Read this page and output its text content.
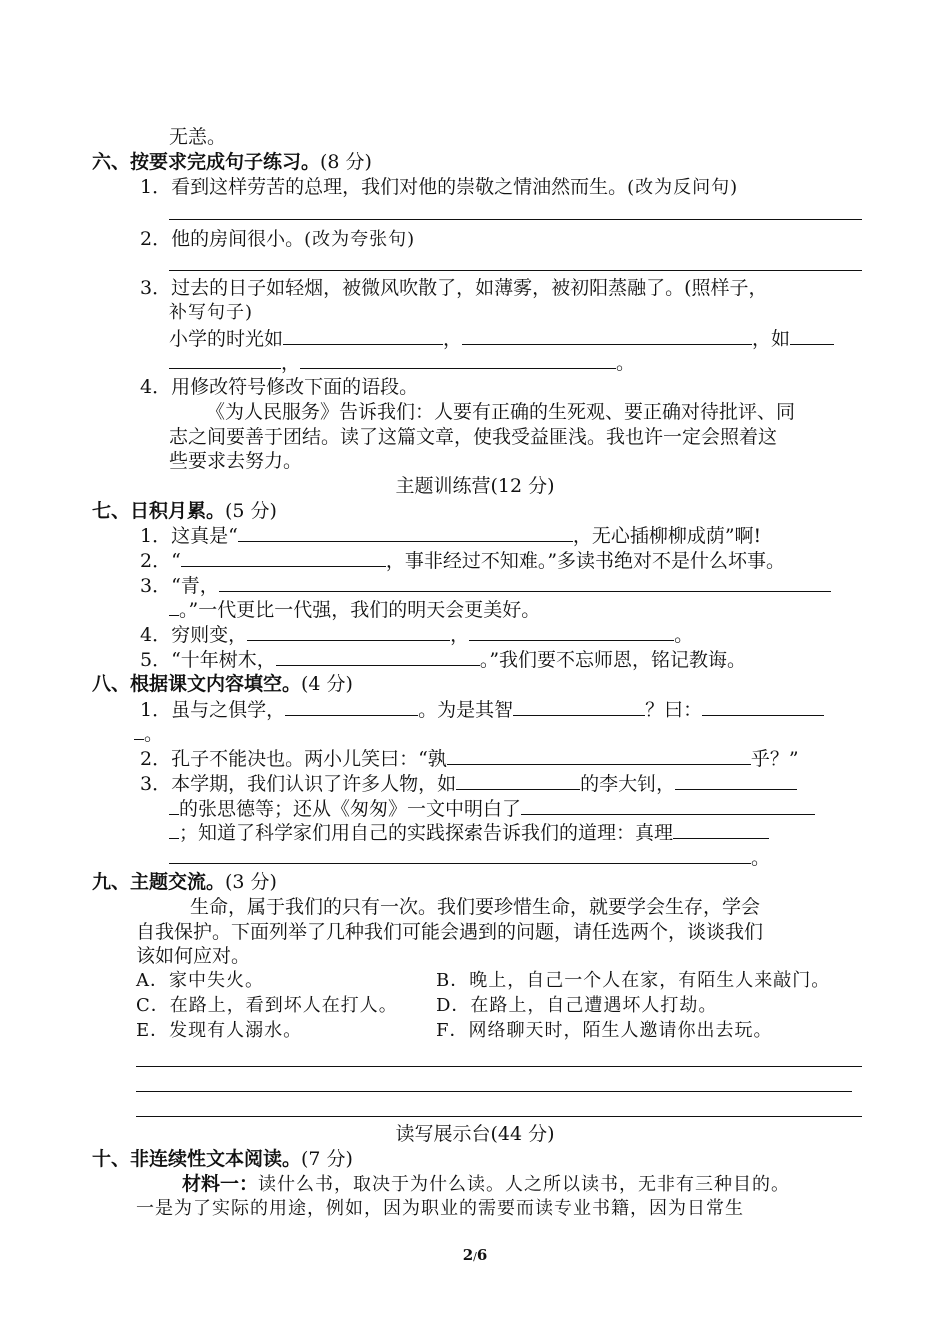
无恙。
六、按要求完成句子练习。(8 分)
1．看到这样劳苦的总理，我们对他的崇敬之情油然而生。(改为反问句)
2．他的房间很小。(改为夸张句)
3．过去的日子如轻烟，被微风吹散了，如薄雾，被初阳蒸融了。(照样子，
补写句子)
小学的时光如	，	，如
，	。
4．用修改符号修改下面的语段。
《为人民服务》告诉我们：人要有正确的生死观、要正确对待批评、同
志之间要善于团结。读了这篇文章，使我受益匪浅。我也许一定会照着这
些要求去努力。
主题训练营(12 分)
七、日积月累。(5 分)
1．这真是“	，无心插柳柳成荫”啊!
2．“	，事非经过不知难。”多读书绝对不是什么坏事。
3．“青，
。”一代更比一代强，我们的明天会更美好。
4．穷则变，	，	。
5．“十年树木，	。”我们要不忘师恩，铭记教诲。
八、根据课文内容填空。(4 分)
1．虽与之俱学，	。为是其智	？曰：
。
2．孔子不能决也。两小儿笑曰：“孰	乎？”
3．本学期，我们认识了许多人物，如	的李大钊，
的张思德等；还从《匆匆》一文中明白了
；知道了科学家们用自己的实践探索告诉我们的道理：真理
。
九、主题交流。(3 分)
生命，属于我们的只有一次。我们要珍惜生命，就要学会生存，学会
自我保护。下面列举了几种我们可能会遇到的问题，请任选两个，谈谈我们
该如何应对。
A．家中失火。	B．晚上，自己一个人在家，有陌生人来敲门。
C．在路上，看到坏人在打人。 D．在路上，自己遭遇坏人打劫。
E．发现有人溺水。	F．网络聊天时，陌生人邀请你出去玩。
读写展示台(44 分)
十、非连续性文本阅读。(7 分)
材料一：读什么书，取决于为什么读。人之所以读书，无非有三种目的。
一是为了实际的用途，例如，因为职业的需要而读专业书籍，因为日常生
2/6
